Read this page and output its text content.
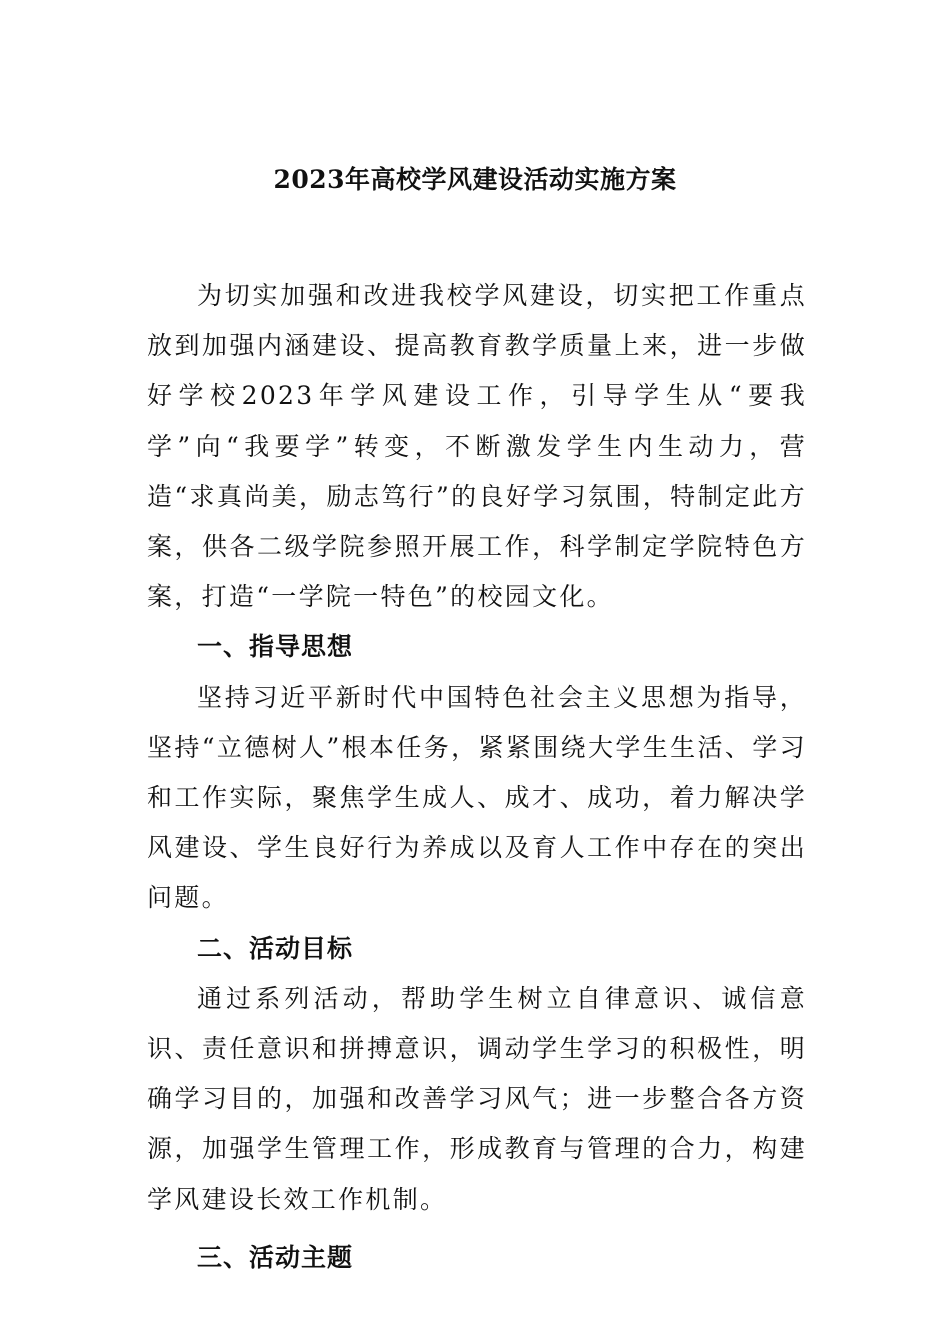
2023年高校学风建设活动实施方案

为切实加强和改进我校学风建设，切实把工作重点放到加强内涵建设、提高教育教学质量上来，进一步做好学校2023年学风建设工作，引导学生从“要我学”向“我要学”转变，不断激发学生内生动力，营造“求真尚美，励志笃行”的良好学习氛围，特制定此方案，供各二级学院参照开展工作，科学制定学院特色方案，打造“一学院一特色”的校园文化。

一、指导思想

坚持习近平新时代中国特色社会主义思想为指导，坚持“立德树人”根本任务，紧紧围绕大学生生活、学习和工作实际，聚焦学生成人、成才、成功，着力解决学风建设、学生良好行为养成以及育人工作中存在的突出问题。

二、活动目标

通过系列活动，帮助学生树立自律意识、诚信意识、责任意识和拼搏意识，调动学生学习的积极性，明确学习目的，加强和改善学习风气；进一步整合各方资源，加强学生管理工作，形成教育与管理的合力，构建学风建设长效工作机制。

三、活动主题
